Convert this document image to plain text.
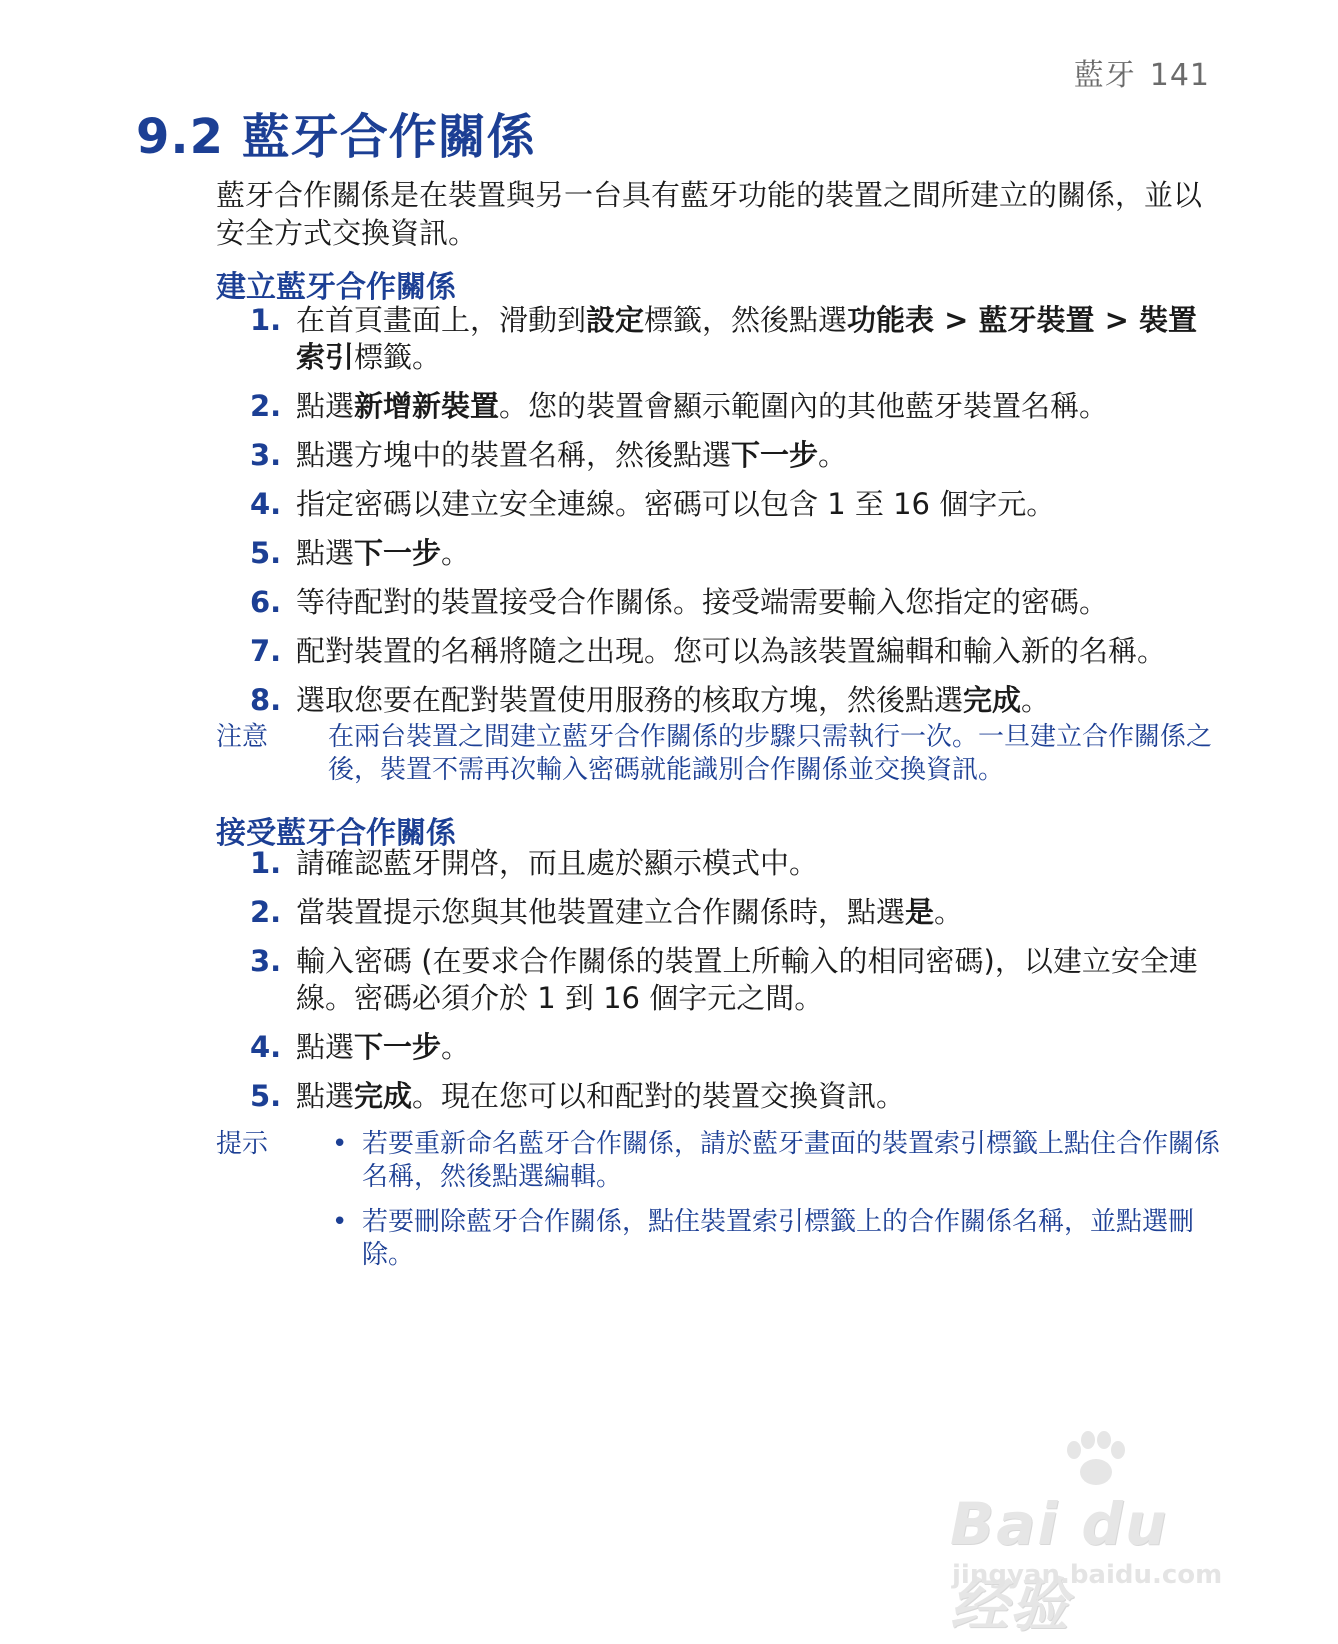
藍牙 141
9.2 藍牙合作關係

藍牙合作關係是在裝置與另一台具有藍牙功能的裝置之間所建立的關係，並以安全方式交換資訊。

建立藍牙合作關係
1. 在首頁畫面上，滑動到設定標籤，然後點選功能表 > 藍牙裝置 > 裝置索引標籤。
2. 點選新增新裝置。您的裝置會顯示範圍內的其他藍牙裝置名稱。
3. 點選方塊中的裝置名稱，然後點選下一步。
4. 指定密碼以建立安全連線。密碼可以包含 1 至 16 個字元。
5. 點選下一步。
6. 等待配對的裝置接受合作關係。接受端需要輸入您指定的密碼。
7. 配對裝置的名稱將隨之出現。您可以為該裝置編輯和輸入新的名稱。
8. 選取您要在配對裝置使用服務的核取方塊，然後點選完成。
注意 在兩台裝置之間建立藍牙合作關係的步驟只需執行一次。一旦建立合作關係之後，裝置不需再次輸入密碼就能識別合作關係並交換資訊。
接受藍牙合作關係
1. 請確認藍牙開啓，而且處於顯示模式中。
2. 當裝置提示您與其他裝置建立合作關係時，點選是。
3. 輸入密碼 (在要求合作關係的裝置上所輸入的相同密碼)，以建立安全連線。密碼必須介於 1 到 16 個字元之間。
4. 點選下一步。
5. 點選完成。現在您可以和配對的裝置交換資訊。
提示 • 若要重新命名藍牙合作關係，請於藍牙畫面的裝置索引標籤上點住合作關係名稱，然後點選編輯。
• 若要刪除藍牙合作關係，點住裝置索引標籤上的合作關係名稱，並點選刪除。
Bai du 经验
jingyan.baidu.com
